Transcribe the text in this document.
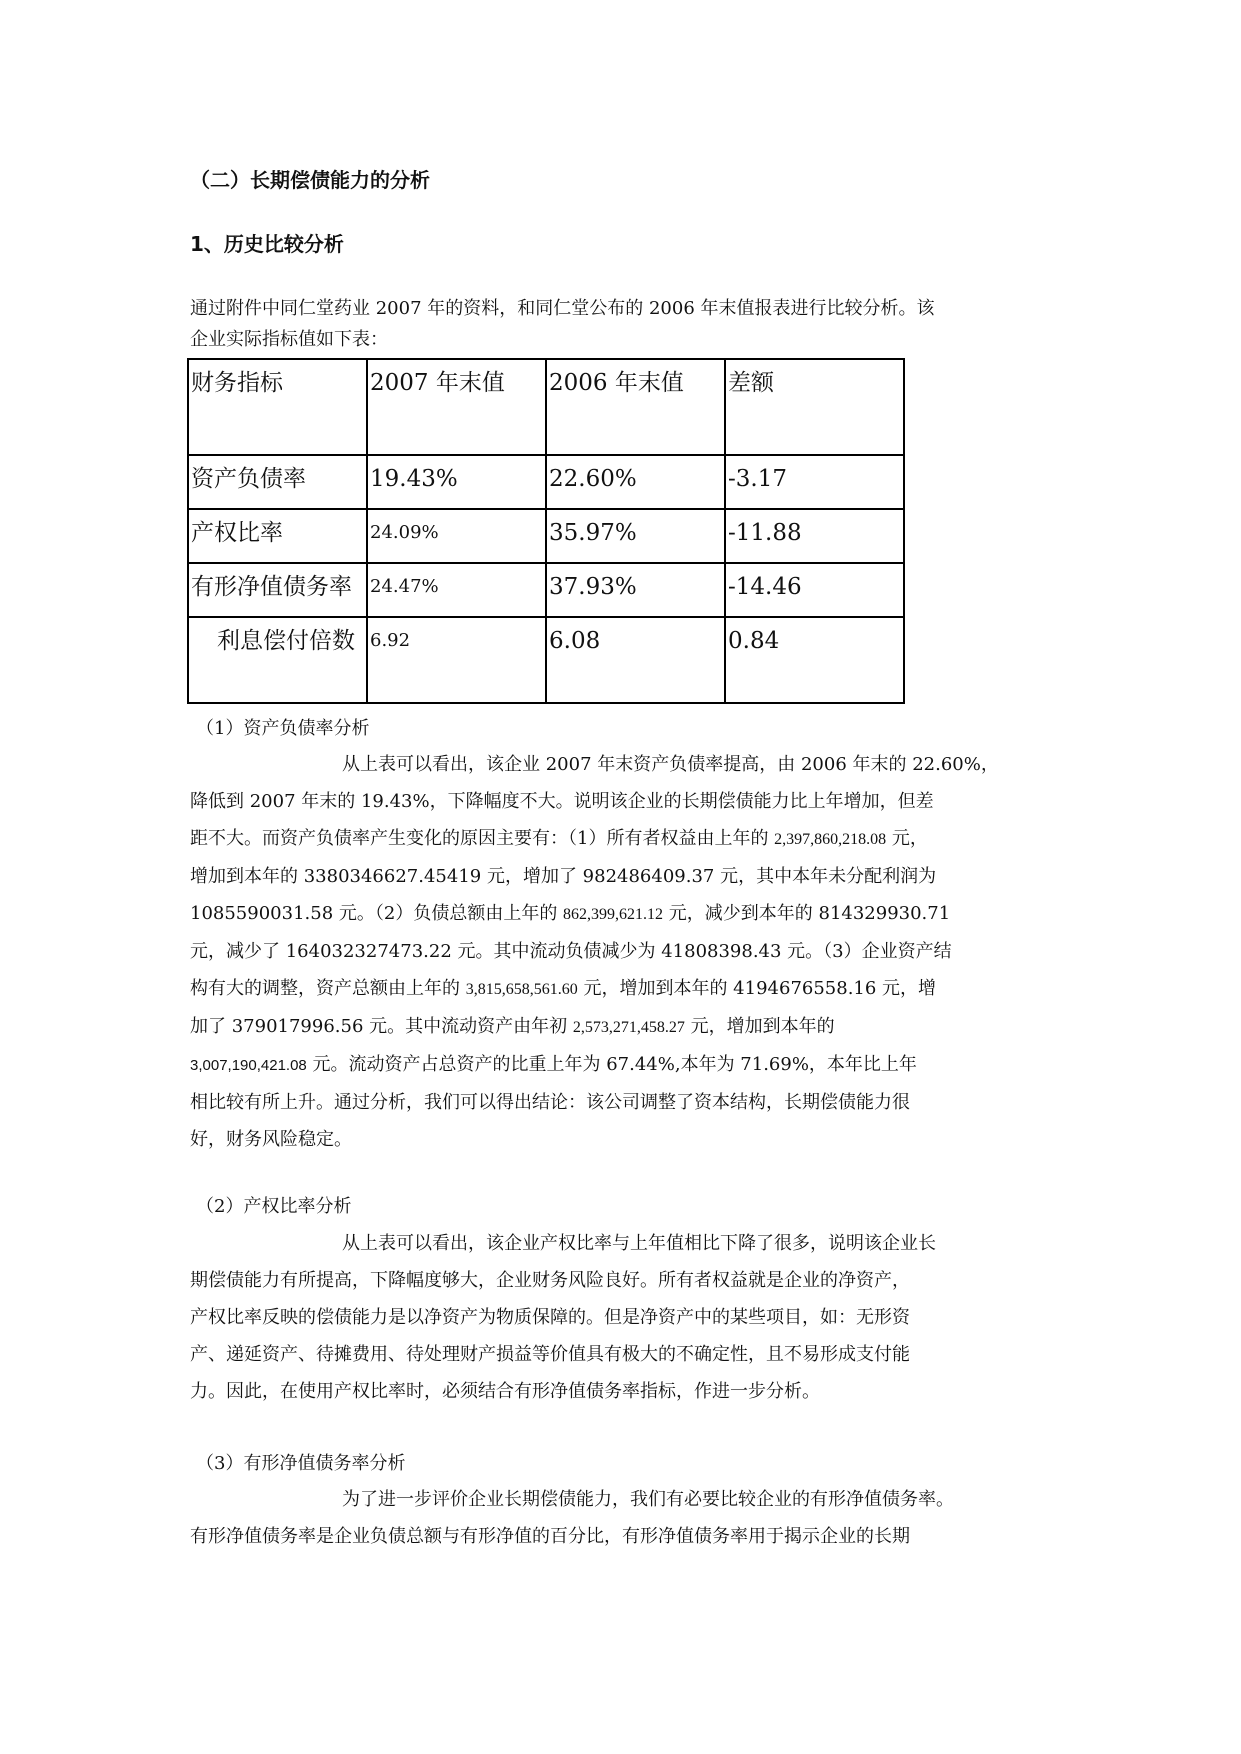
（二）长期偿债能力的分析
1、历史比较分析
通过附件中同仁堂药业 2007 年的资料，和同仁堂公布的 2006 年末值报表进行比较分析。该
企业实际指标值如下表：
财务指标	2007 年末值	2006 年末值	差额
资产负债率	19.43%	22.60%	-3.17
产权比率	24.09%	35.97%	-11.88
有形净值债务率	24.47%	37.93%	-14.46
利息偿付倍数	6.92	6.08	0.84
（1）资产负债率分析
从上表可以看出，该企业 2007 年末资产负债率提高，由 2006 年末的 22.60%，
降低到 2007 年末的 19.43%，下降幅度不大。说明该企业的长期偿债能力比上年增加，但差
距不大。而资产负债率产生变化的原因主要有：（1）所有者权益由上年的 2,397,860,218.08 元，
增加到本年的 3380346627.45419 元，增加了 982486409.37 元，其中本年未分配利润为
1085590031.58 元。（2）负债总额由上年的 862,399,621.12 元，减少到本年的 814329930.71
元，减少了 164032327473.22 元。其中流动负债减少为 41808398.43 元。（3）企业资产结
构有大的调整，资产总额由上年的 3,815,658,561.60 元，增加到本年的 4194676558.16 元，增
加了 379017996.56 元。其中流动资产由年初 2,573,271,458.27 元，增加到本年的
3,007,190,421.08 元。流动资产占总资产的比重上年为 67.44%,本年为 71.69%，本年比上年
相比较有所上升。通过分析，我们可以得出结论：该公司调整了资本结构，长期偿债能力很
好，财务风险稳定。
（2）产权比率分析
从上表可以看出，该企业产权比率与上年值相比下降了很多，说明该企业长
期偿债能力有所提高，下降幅度够大，企业财务风险良好。所有者权益就是企业的净资产，
产权比率反映的偿债能力是以净资产为物质保障的。但是净资产中的某些项目，如：无形资
产、递延资产、待摊费用、待处理财产损益等价值具有极大的不确定性，且不易形成支付能
力。因此，在使用产权比率时，必须结合有形净值债务率指标，作进一步分析。
（3）有形净值债务率分析
为了进一步评价企业长期偿债能力，我们有必要比较企业的有形净值债务率。
有形净值债务率是企业负债总额与有形净值的百分比，有形净值债务率用于揭示企业的长期
